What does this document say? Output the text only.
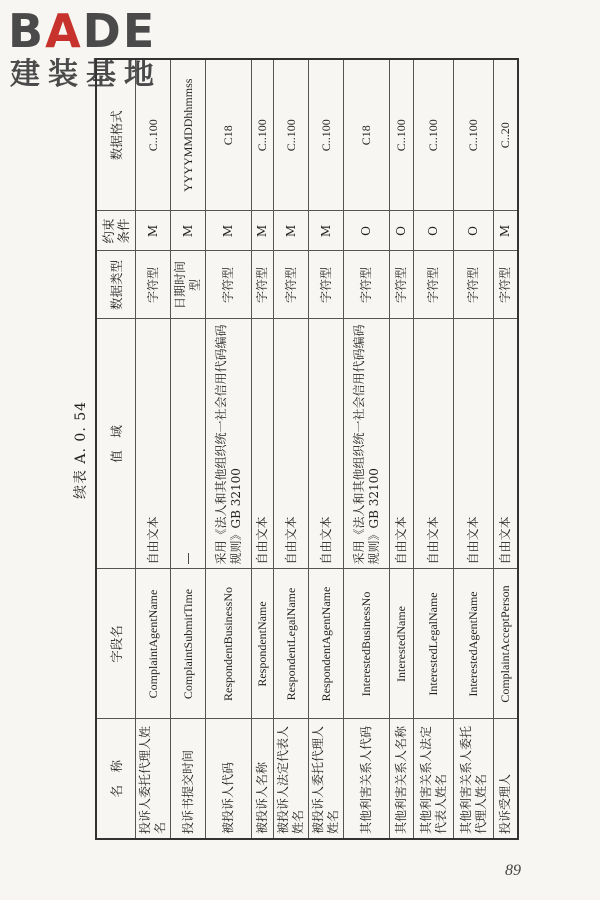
BADE
建装基地
续表 A. 0. 54
名　称	字段名	值　域	数据类型	约束条件	数据格式
投诉人委托代理人姓名	ComplaintAgentName	自由文本	字符型	M	C..100
投诉书提交时间	ComplaintSubmitTime	—	日期时间型	M	YYYYMMDDhhmmss
被投诉人代码	RespondentBusinessNo	采用《法人和其他组织统一社会信用代码编码规则》GB 32100	字符型	M	C18
被投诉人名称	RespondentName	自由文本	字符型	M	C..100
被投诉人法定代表人姓名	RespondentLegalName	自由文本	字符型	M	C..100
被投诉人委托代理人姓名	RespondentAgentName	自由文本	字符型	M	C..100
其他利害关系人代码	InterestedBusinessNo	采用《法人和其他组织统一社会信用代码编码规则》GB 32100	字符型	O	C18
其他利害关系人名称	InterestedName	自由文本	字符型	O	C..100
其他利害关系人法定代表人姓名	InterestedLegalName	自由文本	字符型	O	C..100
其他利害关系人委托代理人姓名	InterestedAgentName	自由文本	字符型	O	C..100
投诉受理人	ComplaintAcceptPerson	自由文本	字符型	M	C..20
89
